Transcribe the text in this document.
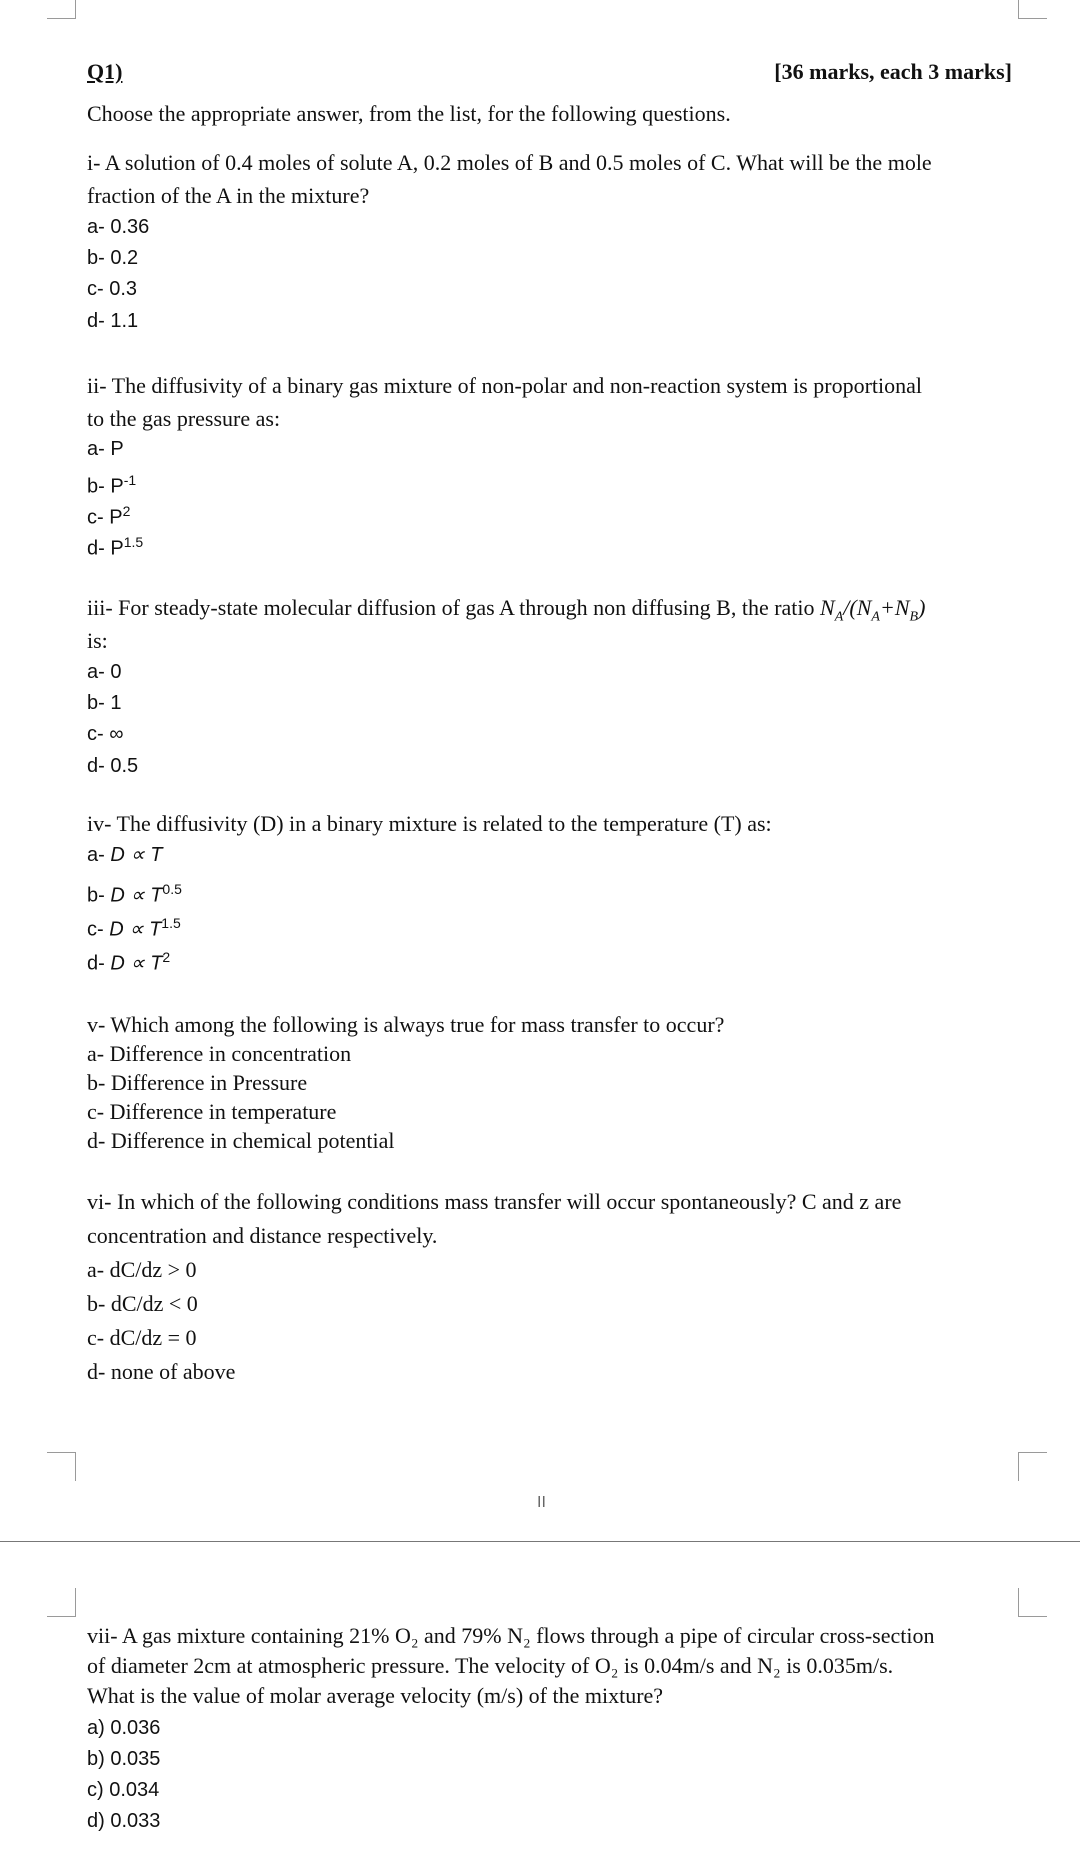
Q1)	[36 marks, each 3 marks]
Choose the appropriate answer, from the list, for the following questions.
i- A solution of 0.4 moles of solute A, 0.2 moles of B and 0.5 moles of C. What will be the mole
fraction of the A in the mixture?
a- 0.36
b- 0.2
c- 0.3
d- 1.1
ii- The diffusivity of a binary gas mixture of non-polar and non-reaction system is proportional
to the gas pressure as:
a- P
b- $P^{-1}$
c- $P^2$
d- $P^{1.5}$
iii- For steady-state molecular diffusion of gas A through non diffusing B, the ratio $N_A/(N_A+N_B)$
is:
a- 0
b- 1
c- ∞
d- 0.5
iv- The diffusivity (D) in a binary mixture is related to the temperature (T) as:
a- D ∝ T
b- $D \propto T^{0.5}$
c- $D \propto T^{1.5}$
d- $D \propto T^2$
v- Which among the following is always true for mass transfer to occur?
a- Difference in concentration
b- Difference in Pressure
c- Difference in temperature
d- Difference in chemical potential
vi- In which of the following conditions mass transfer will occur spontaneously? C and z are
concentration and distance respectively.
a- dC/dz > 0
b- dC/dz < 0
c- dC/dz = 0
d- none of above
II
vii- A gas mixture containing 21% O₂ and 79% N₂ flows through a pipe of circular cross-section
of diameter 2cm at atmospheric pressure. The velocity of O₂ is 0.04m/s and N₂ is 0.035m/s.
What is the value of molar average velocity (m/s) of the mixture?
a) 0.036
b) 0.035
c) 0.034
d) 0.033
